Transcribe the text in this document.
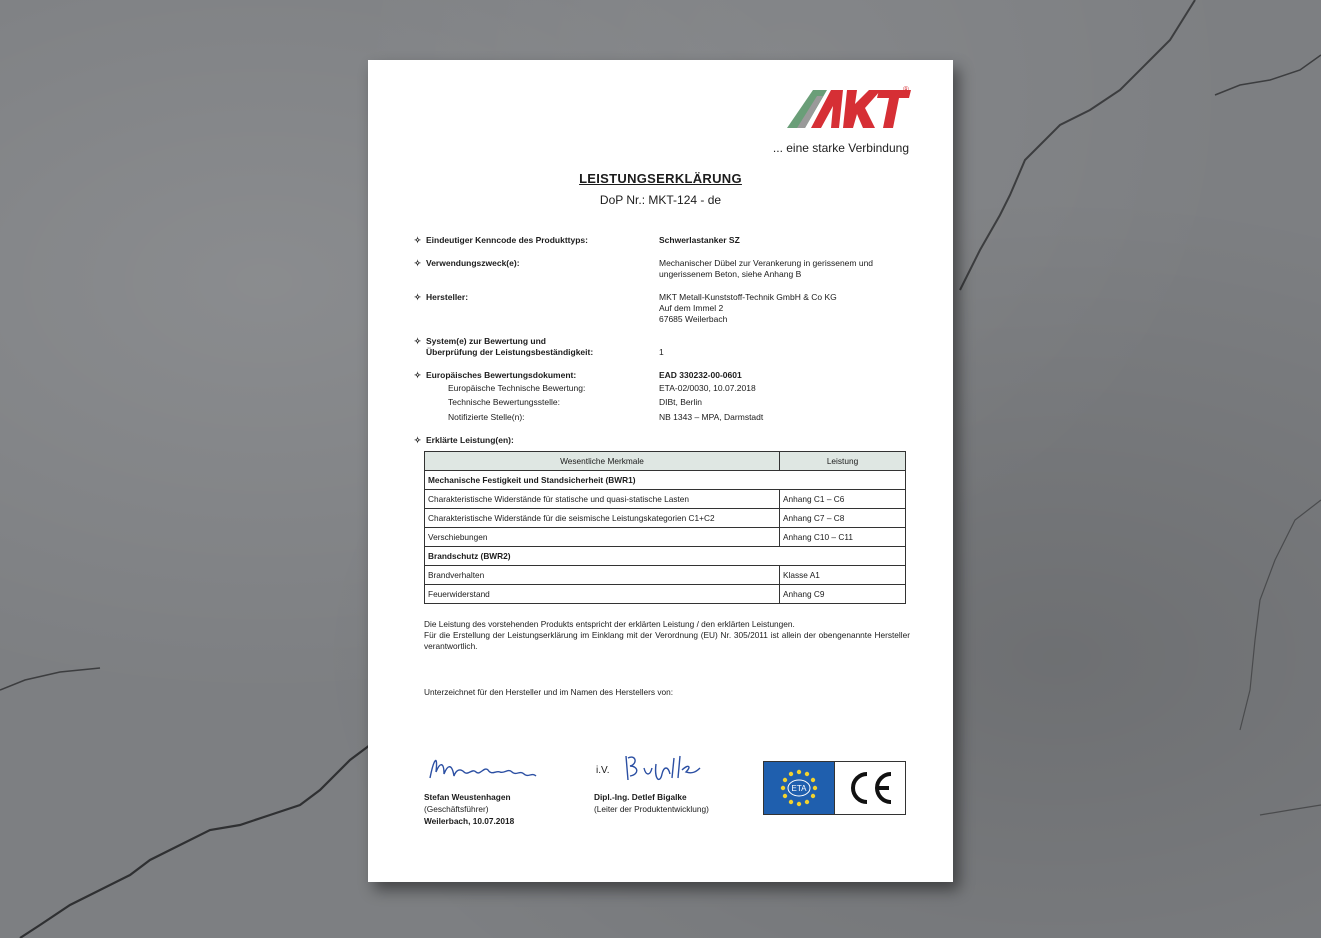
®
... eine starke Verbindung
LEISTUNGSERKLÄRUNG
DoP Nr.: MKT-124 - de
✧ Eindeutiger Kenncode des Produkttyps:	Schwerlastanker SZ
✧ Verwendungszweck(e):	Mechanischer Dübel zur Verankerung in gerissenem und ungerissenem Beton, siehe Anhang B
✧ Hersteller:	MKT Metall-Kunststoff-Technik GmbH & Co KG
Auf dem Immel 2
67685 Weilerbach
✧ System(e) zur Bewertung und
Überprüfung der Leistungsbeständigkeit:	1
✧ Europäisches Bewertungsdokument:	EAD 330232-00-0601
Europäische Technische Bewertung:	ETA-02/0030, 10.07.2018
Technische Bewertungsstelle:	DIBt, Berlin
Notifizierte Stelle(n):	NB 1343 – MPA, Darmstadt
✧ Erklärte Leistung(en):
Wesentliche Merkmale	Leistung
Mechanische Festigkeit und Standsicherheit (BWR1)	
Charakteristische Widerstände für statische und quasi-statische Lasten	Anhang C1 – C6
Charakteristische Widerstände für die seismische Leistungskategorien C1+C2	Anhang C7 – C8
Verschiebungen	Anhang C10 – C11
Brandschutz (BWR2)	
Brandverhalten	Klasse A1
Feuerwiderstand	Anhang C9
Die Leistung des vorstehenden Produkts entspricht der erklärten Leistung / den erklärten Leistungen.
Für die Erstellung der Leistungserklärung im Einklang mit der Verordnung (EU) Nr. 305/2011 ist allein der obengenannte Hersteller verantwortlich.
Unterzeichnet für den Hersteller und im Namen des Herstellers von:
Stefan Weustenhagen
(Geschäftsführer)
Weilerbach, 10.07.2018
i.V.
Dipl.-Ing. Detlef Bigalke
(Leiter der Produktentwicklung)
ETA
